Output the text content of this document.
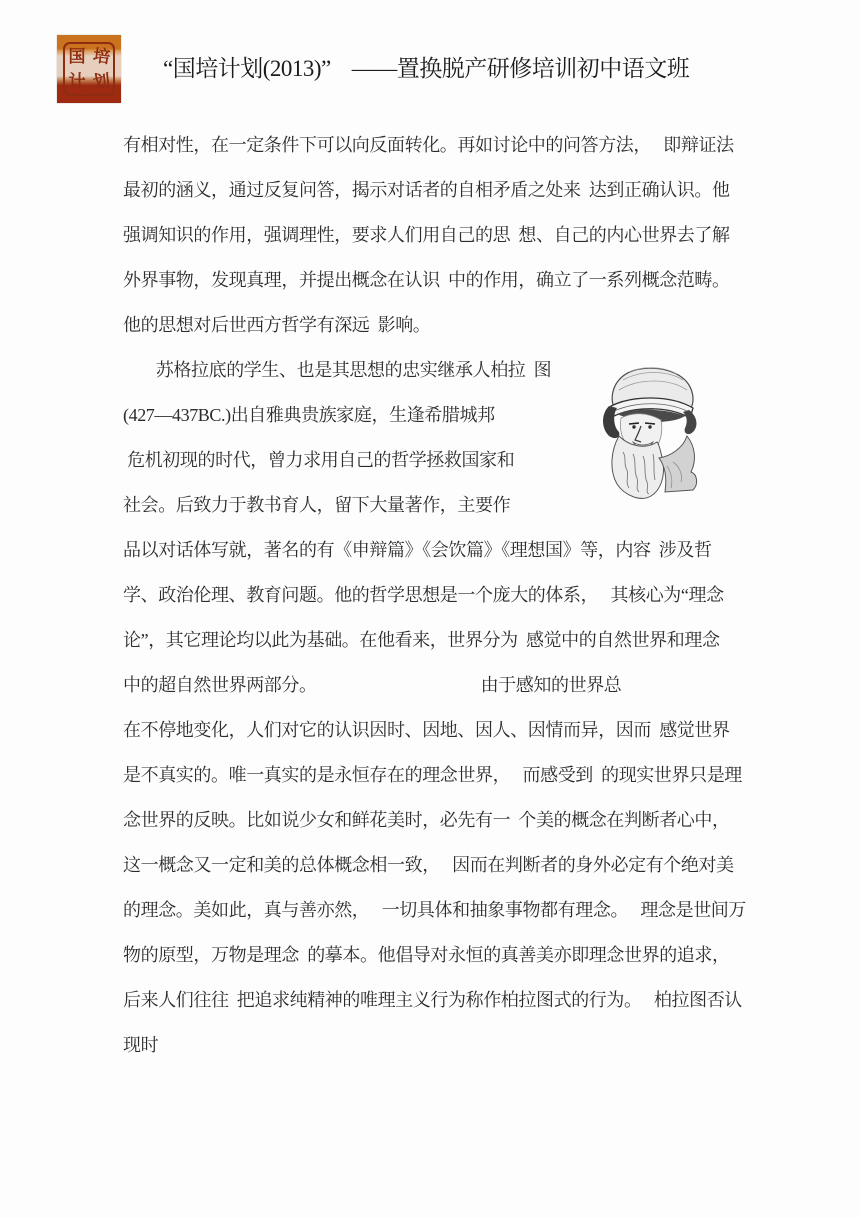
国 培
计 划
“国培计划(2013)”    ——置换脱产研修培训初中语文班
有相对性，在一定条件下可以向反面转化。再如讨论中的问答方法，   即辩证法
最初的涵义，通过反复问答，揭示对话者的自相矛盾之处来  达到正确认识。他
强调知识的作用，强调理性，要求人们用自己的思  想、自己的内心世界去了解
外界事物，发现真理，并提出概念在认识  中的作用，确立了一系列概念范畴。
他的思想对后世西方哲学有深远  影响。
苏格拉底的学生、也是其思想的忠实继承人柏拉  图
(427—437BC.)出自雅典贵族家庭，生逢希腊城邦
危机初现的时代，曾力求用自己的哲学拯救国家和
社会。后致力于教书育人，留下大量著作，主要作
品以对话体写就，著名的有《申辩篇》《会饮篇》《理想国》等，内容  涉及哲
学、政治伦理、教育问题。他的哲学思想是一个庞大的体系，   其核心为“理念
论”，其它理论均以此为基础。在他看来，世界分为  感觉中的自然世界和理念
中的超自然世界两部分。                                        由于感知的世界总
在不停地变化，人们对它的认识因时、因地、因人、因情而异，因而  感觉世界
是不真实的。唯一真实的是永恒存在的理念世界，   而感受到  的现实世界只是理
念世界的反映。比如说少女和鲜花美时，必先有一  个美的概念在判断者心中，
这一概念又一定和美的总体概念相一致，   因而在判断者的身外必定有个绝对美
的理念。美如此，真与善亦然，   一切具体和抽象事物都有理念。   理念是世间万
物的原型，万物是理念  的摹本。他倡导对永恒的真善美亦即理念世界的追求，
后来人们往往  把追求纯精神的唯理主义行为称作柏拉图式的行为。   柏拉图否认
现时
